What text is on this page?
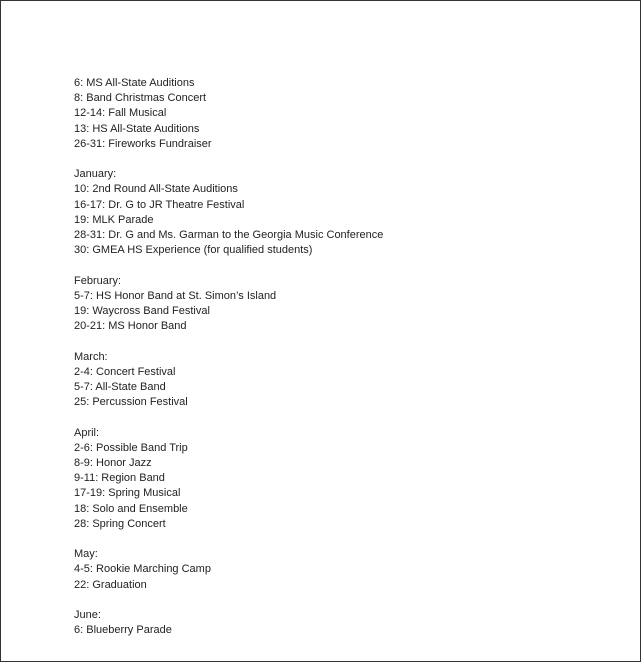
6: MS All-State Auditions
8: Band Christmas Concert
12-14: Fall Musical
13: HS All-State Auditions
26-31: Fireworks Fundraiser
January:
10: 2nd Round All-State Auditions
16-17: Dr. G to JR Theatre Festival
19: MLK Parade
28-31: Dr. G and Ms. Garman to the Georgia Music Conference
30: GMEA HS Experience (for qualified students)
February:
5-7: HS Honor Band at St. Simon’s Island
19: Waycross Band Festival
20-21: MS Honor Band
March:
2-4: Concert Festival
5-7: All-State Band
25: Percussion Festival
April:
2-6: Possible Band Trip
8-9: Honor Jazz
9-11: Region Band
17-19: Spring Musical
18: Solo and Ensemble
28: Spring Concert
May:
4-5: Rookie Marching Camp
22: Graduation
June:
6: Blueberry Parade
